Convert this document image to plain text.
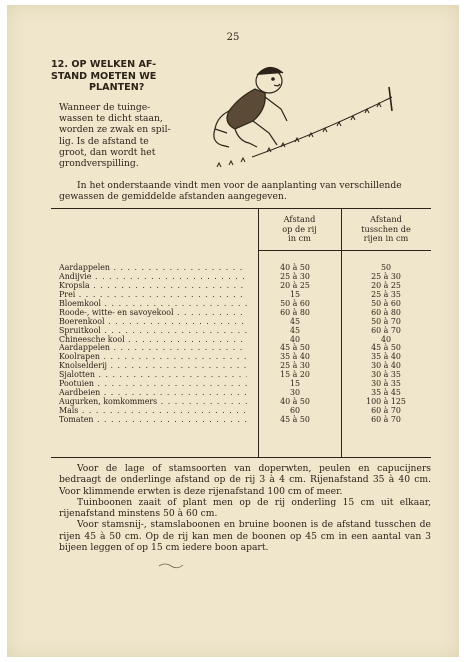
25
12. OP WELKEN AF-
STAND MOETEN WE
PLANTEN?
Wanneer de tuinge-
wassen te dicht staan,
worden ze zwak en spil-
lig. Is de afstand te
groot, dan wordt het
grondverspilling.
In het onderstaande vindt men voor de aanplanting van verschillende gewassen de gemiddelde afstanden aangegeven.
Afstand
op de rij
in cm
Afstand
tusschen de
rijen in cm
Aardappelen . . .	40 à 50	50
Andijvie . . .	25 à 30	25 à 30
Kropsla . . .	20 à 25	20 à 25
Prei . . .	15	25 à 35
Bloemkool . . .	50 à 60	50 à 60
Roode-, witte- en savoyekool . . .	60 à 80	60 à 80
Boerenkool . . .	45	50 à 70
Spruitkool . . .	45	60 à 70
Chineesche kool . . .	40	40
Aardappelen . . .	45 à 50	45 à 50
Koolrapen . . .	35 à 40	35 à 40
Knolselderij . . .	25 à 30	30 à 40
Sjalotten . . .	15 à 20	30 à 35
Pootuien . . .	15	30 à 35
Aardbeien . . .	30	35 à 45
Augurken, komkommers . . .	40 à 50	100 à 125
Maïs . . .	60	60 à 70
Tomaten . . .	45 à 50	60 à 70

Voor de lage of stamsoorten van doperwten, peulen en capucijners bedraagt de onderlinge afstand op de rij 3 à 4 cm. Rijenafstand 35 à 40 cm. Voor klimmende erwten is deze rijenafstand 100 cm of meer.

Tuinboonen zaait of plant men op de rij onderling 15 cm uit elkaar, rijenafstand minstens 50 à 60 cm.

Voor stamsnij-, stamslaboonen en bruine boonen is de afstand tusschen de rijen 45 à 50 cm. Op de rij kan men de boonen op 45 cm in een aantal van 3 bijeen leggen of op 15 cm iedere boon apart.
